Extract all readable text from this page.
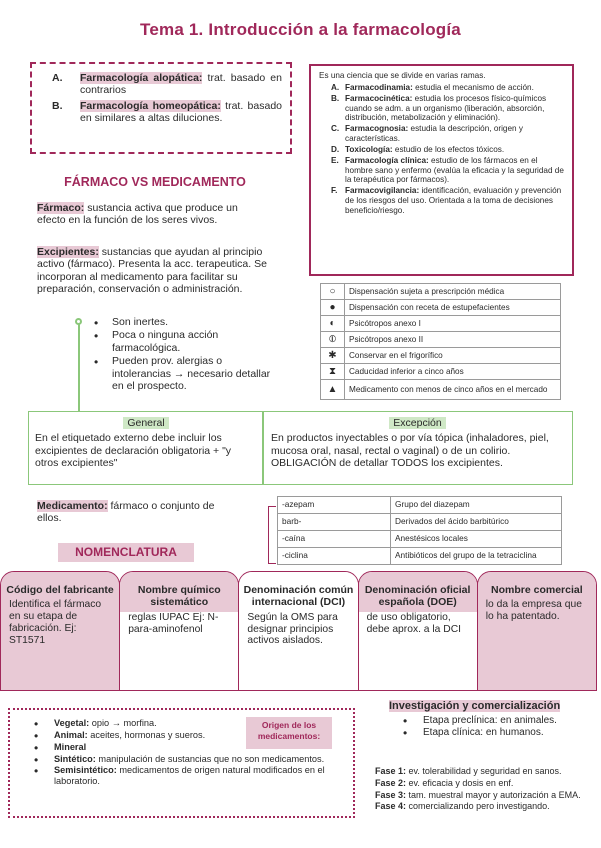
Tema 1. Introducción a la farmacología
A.	Farmacología alopática: trat. basado en contrarios
B.	Farmacología homeopática: trat. basado en similares a altas diluciones.
Es una ciencia que se divide en varias ramas.
A. Farmacodinamia: estudia el mecanismo de acción.
B. Farmacocinética: estudia los procesos físico-químicos cuando se adm. a un organismo (liberación, absorción, distribución, metabolización y eliminación).
C. Farmacognosia: estudia la descripción, origen y características.
D. Toxicología: estudio de los efectos tóxicos.
E. Farmacología clínica: estudio de los fármacos en el hombre sano y enfermo (evalúa la eficacia y la seguridad de la terapéutica por fármacos).
F. Farmacovigilancia: identificación, evaluación y prevención de los riesgos del uso. Orientada a la toma de decisiones beneficio/riesgo.
FÁRMACO VS MEDICAMENTO
Fármaco: sustancia activa que produce un efecto en la función de los seres vivos.
Excipientes: sustancias que ayudan al principio activo (fármaco). Presenta la acc. terapeutica. Se incorporan al medicamento para facilitar su preparación, conservación o administración.
• Son inertes.
• Poca o ninguna acción farmacológica.
• Pueden prov. alergias o intolerancias → necesario detallar en el prospecto.
○	Dispensación sujeta a prescripción médica
●	Dispensación con receta de estupefacientes
◐	Psicótropos anexo I
⦶	Psicótropos anexo II
✱	Conservar en el frigorífico
⧗	Caducidad inferior a cinco años
▲	Medicamento con menos de cinco años en el mercado
General
En el etiquetado externo debe incluir los excipientes de declaración obligatoria + "y otros excipientes"
Excepción
En productos inyectables o por vía tópica (inhaladores, piel, mucosa oral, nasal, rectal o vaginal) o de un colirio. OBLIGACIÓN de detallar TODOS los excipientes.
Medicamento: fármaco o conjunto de ellos.
-azepam	Grupo del diazepam
barb-	Derivados del ácido barbitúrico
-caína	Anestésicos locales
-ciclina	Antibióticos del grupo de la tetraciclina
NOMENCLATURA
Código del fabricante
Identifica el fármaco en su etapa de fabricación. Ej: ST1571
Nombre químico sistemático
reglas IUPAC Ej: N-para-aminofenol
Denominación común internacional (DCI)
Según la OMS para designar principios activos aislados.
Denominación oficial española (DOE)
de uso obligatorio, debe aprox. a la DCI
Nombre comercial
lo da la empresa que lo ha patentado.
• Vegetal: opio → morfina.
• Animal: aceites, hormonas y sueros.
• Mineral
• Sintético: manipulación de sustancias que no son medicamentos.
• Semisintético: medicamentos de origen natural modificados en el laboratorio.
Origen de los medicamentos:
Investigación y comercialización
• Etapa preclínica: en animales.
• Etapa clínica: en humanos.
Fase 1: ev. tolerabilidad y seguridad en sanos.
Fase 2: ev. eficacia y dosis en enf.
Fase 3: tam. muestral mayor y autorización a EMA.
Fase 4: comercializando pero investigando.
